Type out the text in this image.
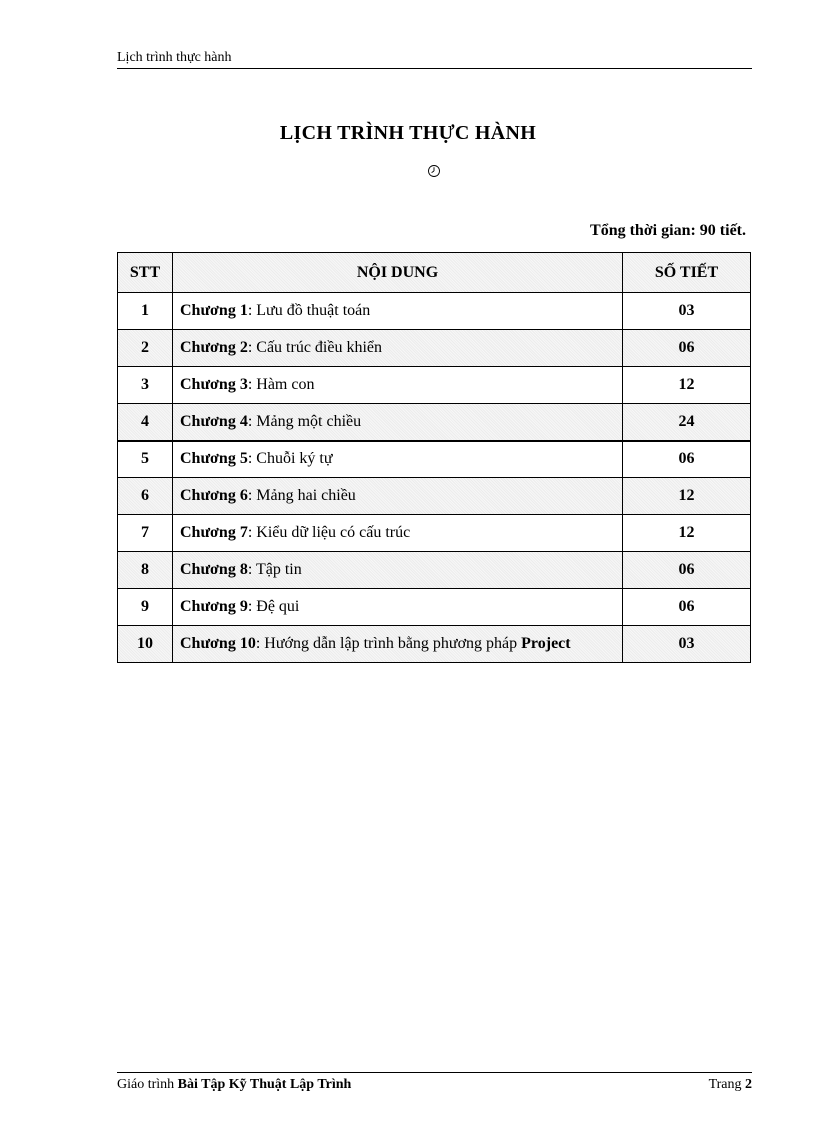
Lịch trình thực hành
LỊCH TRÌNH THỰC HÀNH
Tổng thời gian: 90 tiết.
STT	NỘI DUNG	SỐ TIẾT
1	Chương 1: Lưu đồ thuật toán	03
2	Chương 2: Cấu trúc điều khiển	06
3	Chương 3: Hàm con	12
4	Chương 4: Mảng một chiều	24
5	Chương 5: Chuỗi ký tự	06
6	Chương 6: Mảng hai chiều	12
7	Chương 7: Kiểu dữ liệu có cấu trúc	12
8	Chương 8: Tập tin	06
9	Chương 9: Đệ qui	06
10	Chương 10: Hướng dẫn lập trình bằng phương pháp Project	03
Giáo trình Bài Tập Kỹ Thuật Lập Trình	Trang 2
